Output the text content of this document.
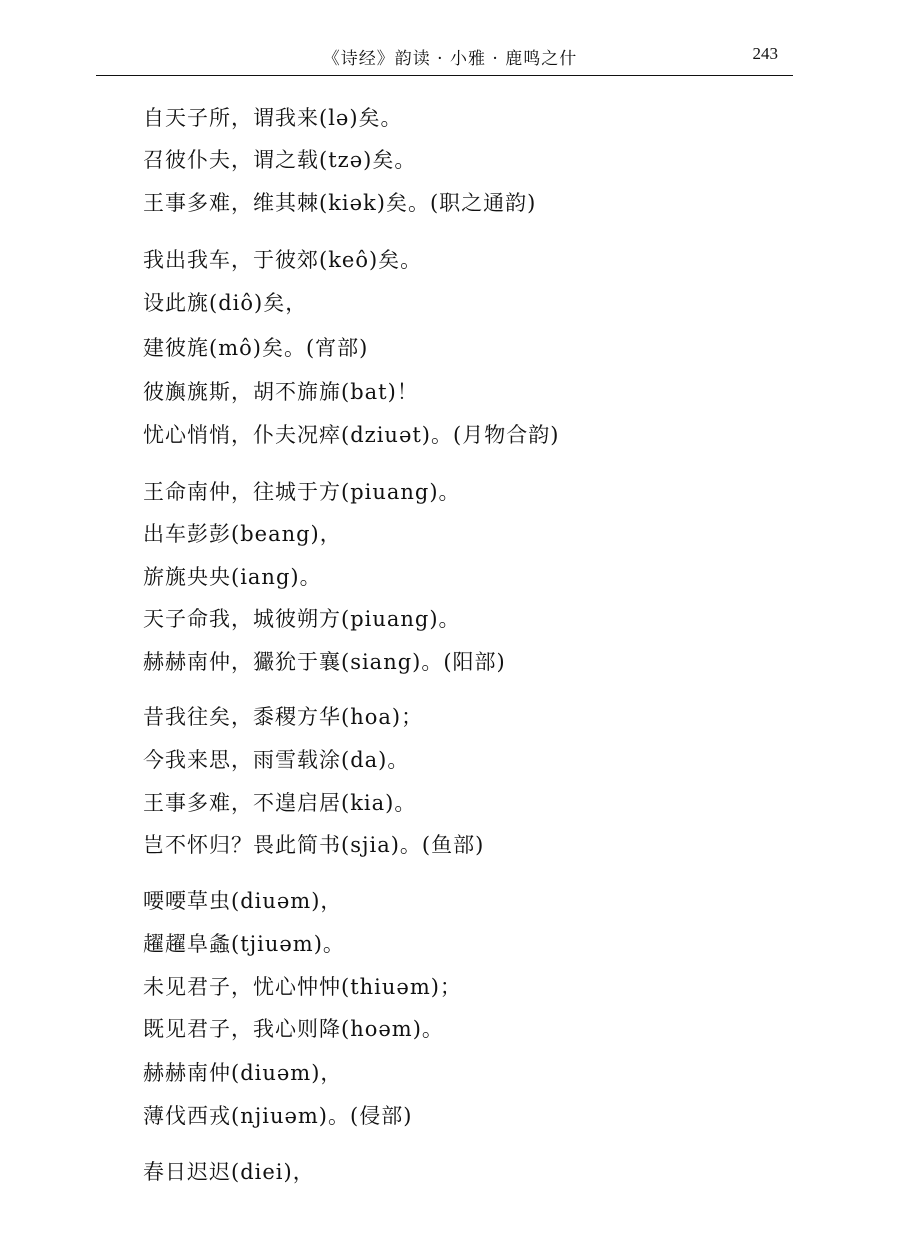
《诗经》韵读 · 小雅 · 鹿鸣之什	243
自天子所，谓我来(lə)矣。
召彼仆夫，谓之载(tzə)矣。
王事多难，维其棘(kiək)矣。(职之通韵)
我出我车，于彼郊(keô)矣。
设此旐(diô)矣，
建彼旄(mô)矣。(宵部)
彼旟旐斯，胡不旆旆(bat)！
忧心悄悄，仆夫况瘁(dziuət)。(月物合韵)
王命南仲，往城于方(piuang)。
出车彭彭(beang)，
旂旐央央(iang)。
天子命我，城彼朔方(piuang)。
赫赫南仲，玁狁于襄(siang)。(阳部)
昔我往矣，黍稷方华(hoa)；
今我来思，雨雪载涂(da)。
王事多难，不遑启居(kia)。
岂不怀归？畏此简书(sjia)。(鱼部)
喓喓草虫(diuəm)，
趯趯阜螽(tjiuəm)。
未见君子，忧心忡忡(thiuəm)；
既见君子，我心则降(hoəm)。
赫赫南仲(diuəm)，
薄伐西戎(njiuəm)。(侵部)
春日迟迟(diei)，
